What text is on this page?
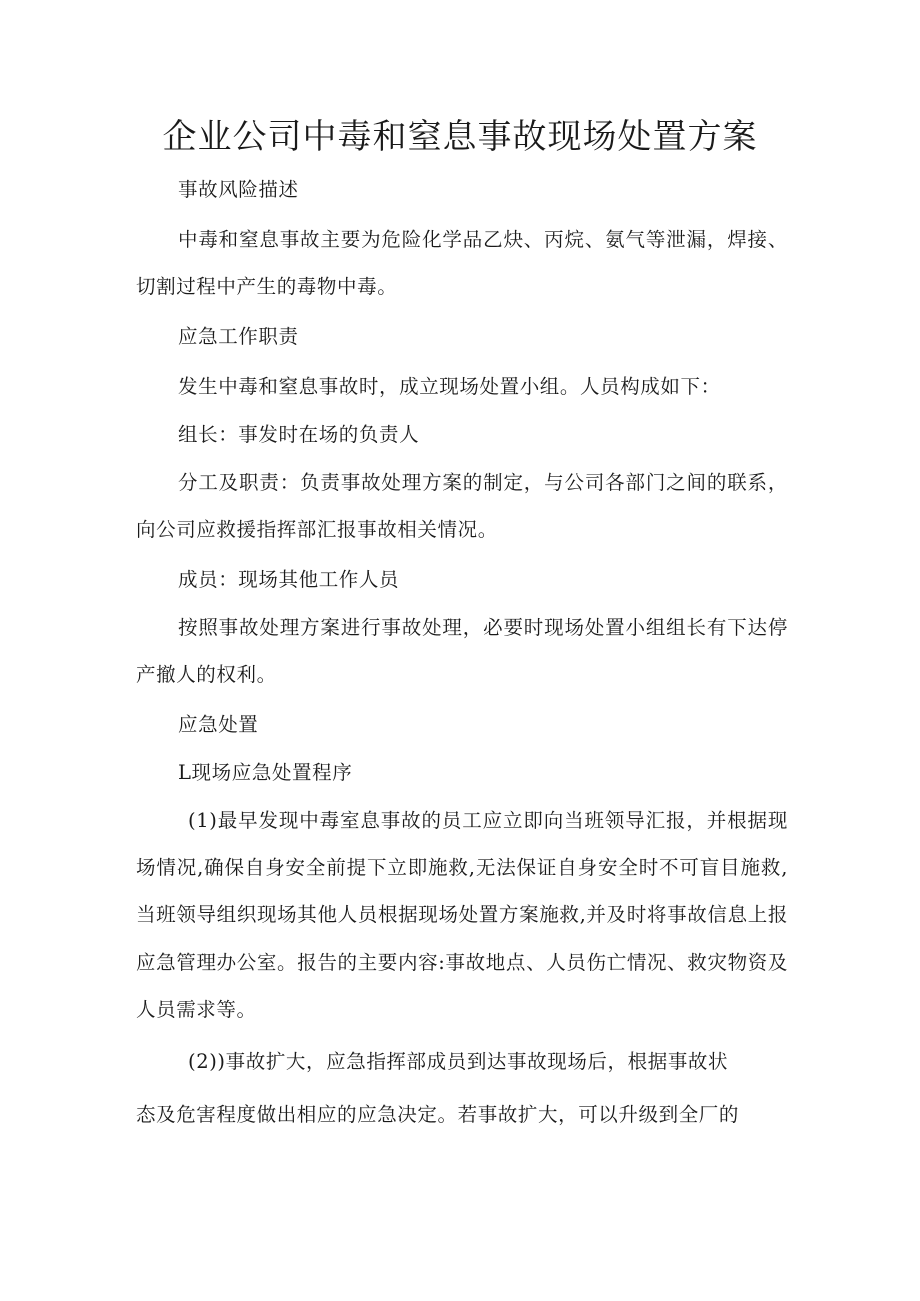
企业公司中毒和窒息事故现场处置方案
事故风险描述
中毒和窒息事故主要为危险化学品乙炔、丙烷、氨气等泄漏，焊接、
切割过程中产生的毒物中毒。
应急工作职责
发生中毒和窒息事故时，成立现场处置小组。人员构成如下：
组长：事发时在场的负责人
分工及职责：负责事故处理方案的制定，与公司各部门之间的联系，
向公司应救援指挥部汇报事故相关情况。
成员：现场其他工作人员
按照事故处理方案进行事故处理，必要时现场处置小组组长有下达停
产撤人的权利。
应急处置
L现场应急处置程序
(1)最早发现中毒室息事故的员工应立即向当班领导汇报，并根据现
场情况,确保自身安全前提下立即施救,无法保证自身安全时不可盲目施救,
当班领导组织现场其他人员根据现场处置方案施救,并及时将事故信息上报
应急管理办公室。报告的主要内容:事故地点、人员伤亡情况、救灾物资及
人员需求等。
(2))事故扩大，应急指挥部成员到达事故现场后，根据事故状
态及危害程度做出相应的应急决定。若事故扩大，可以升级到全厂的
